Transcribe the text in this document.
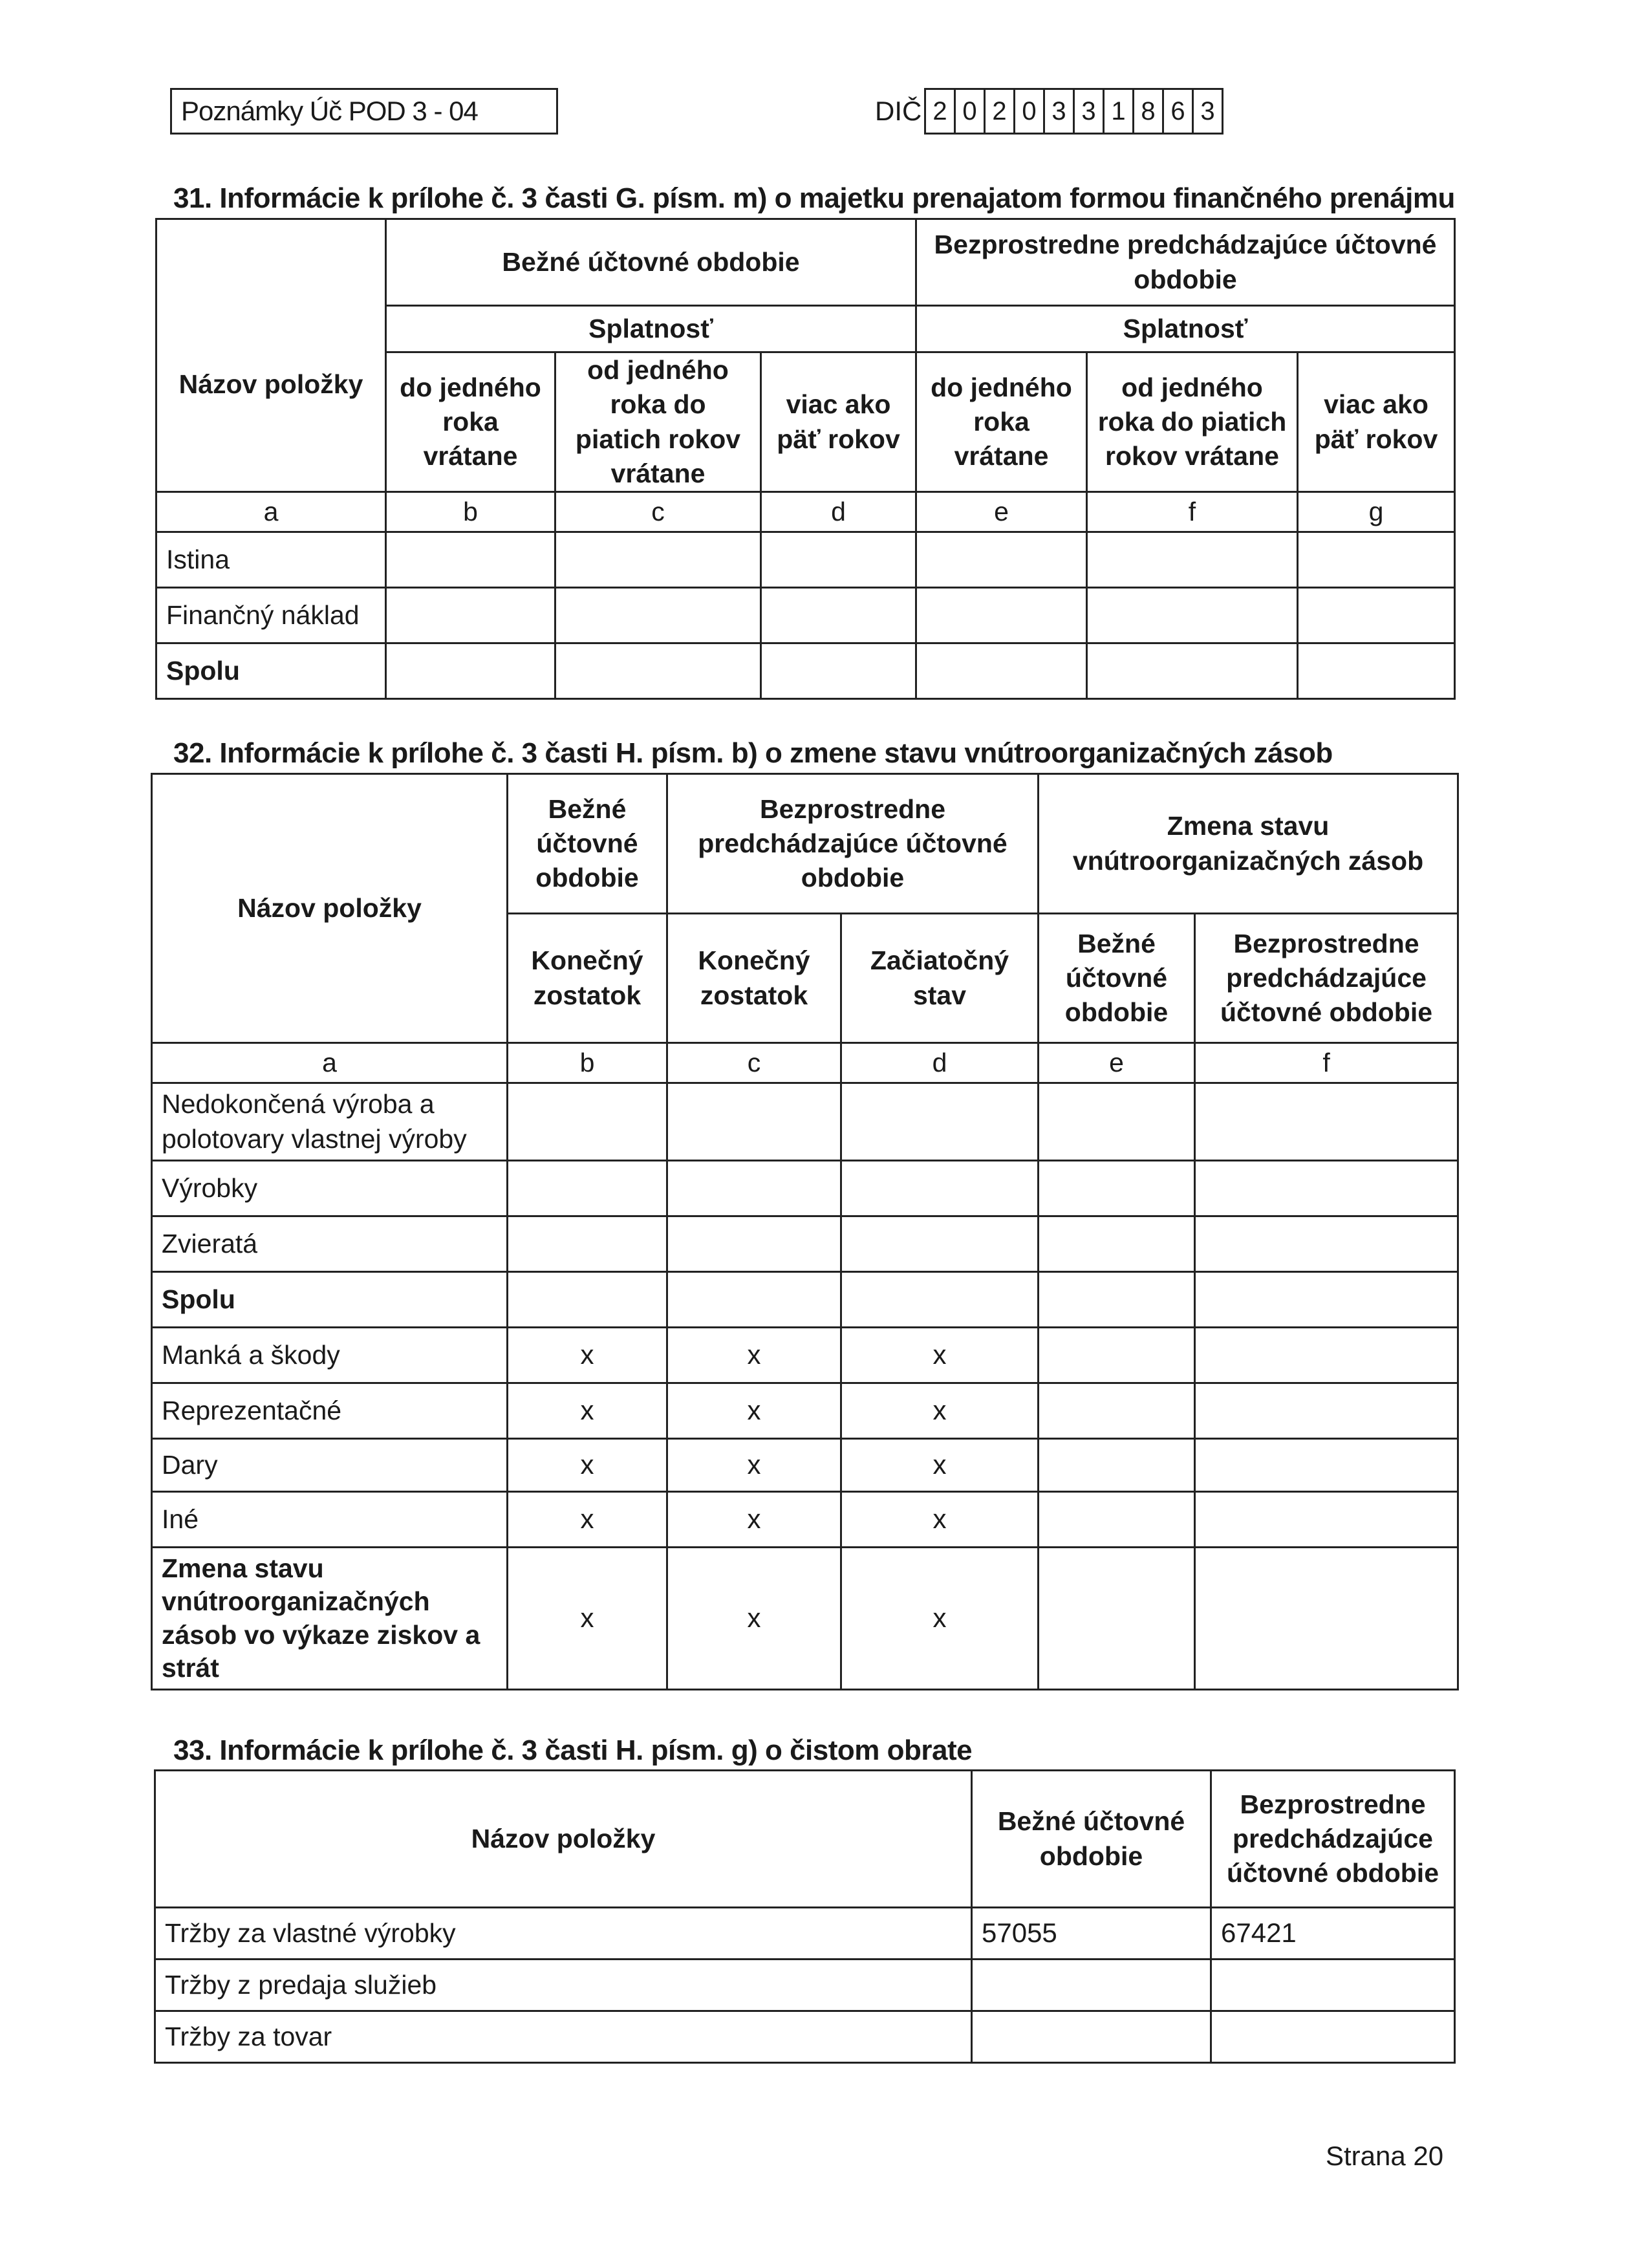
Poznámky Úč POD 3 - 04	DIČ 2 0 2 0 3 3 1 8 6 3
31. Informácie k prílohe č. 3 časti G. písm. m) o majetku prenajatom formou finančného prenájmu
Názov položky	Bežné účtovné obdobie			Bezprostredne predchádzajúce účtovné obdobie		
	Splatnosť			Splatnosť		
	do jedného roka vrátane	od jedného roka do piatich rokov vrátane	viac ako päť rokov	do jedného roka vrátane	od jedného roka do piatich rokov vrátane	viac ako päť rokov

a	b	c	d	e	f	g
Istina						
Finančný náklad						
Spolu						
32. Informácie k prílohe č. 3 časti H. písm. b) o zmene stavu vnútroorganizačných zásob
Názov položky	Bežné účtovné obdobie	Bezprostredne predchádzajúce účtovné obdobie		Zmena stavu vnútroorganizačných zásob	
	Konečný zostatok	Konečný zostatok	Začiatočný stav	Bežné účtovné obdobie	Bezprostredne predchádzajúce účtovné obdobie
a	b	c	d	e	f
Nedokončená výroba a polotovary vlastnej výroby					
Výrobky					
Zvieratá					
Spolu					
Manká a škody	x	x	x		
Reprezentačné	x	x	x		
Dary	x	x	x		
Iné	x	x	x		
Zmena stavu vnútroorganizačných zásob vo výkaze ziskov a strát	x	x	x		
33. Informácie k prílohe č. 3 časti H. písm. g) o čistom obrate
Názov položky	Bežné účtovné obdobie	Bezprostredne predchádzajúce účtovné obdobie
Tržby za vlastné výrobky	57055	67421
Tržby z predaja služieb		
Tržby za tovar		
Strana 20
